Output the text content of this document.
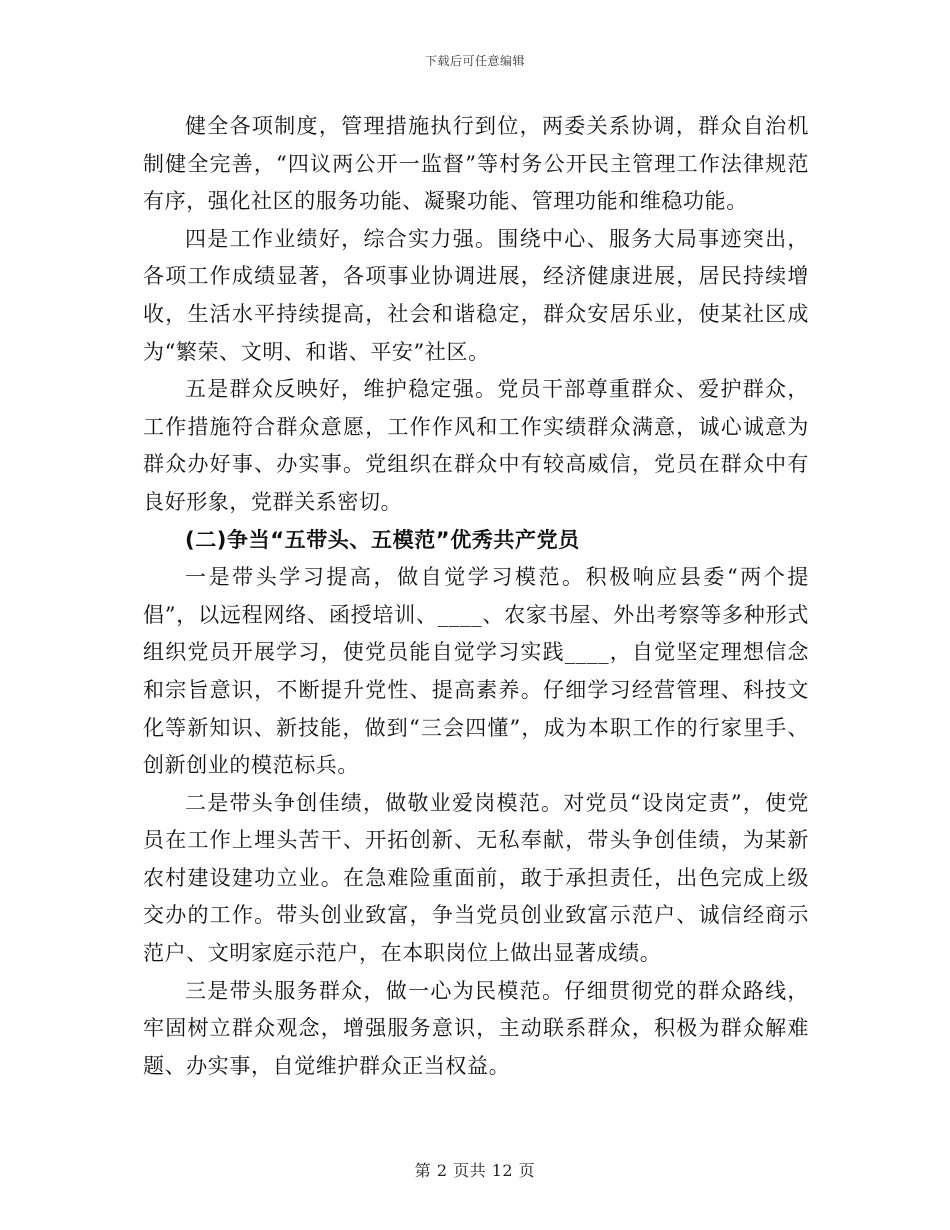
下载后可任意编辑

健全各项制度，管理措施执行到位，两委关系协调，群众自治机制健全完善，“四议两公开一监督”等村务公开民主管理工作法律规范有序，强化社区的服务功能、凝聚功能、管理功能和维稳功能。

四是工作业绩好，综合实力强。围绕中心、服务大局事迹突出，各项工作成绩显著，各项事业协调进展，经济健康进展，居民持续增收，生活水平持续提高，社会和谐稳定，群众安居乐业，使某社区成为“繁荣、文明、和谐、平安”社区。

五是群众反映好，维护稳定强。党员干部尊重群众、爱护群众，工作措施符合群众意愿，工作作风和工作实绩群众满意，诚心诚意为群众办好事、办实事。党组织在群众中有较高威信，党员在群众中有良好形象，党群关系密切。

(二)争当“五带头、五模范”优秀共产党员

一是带头学习提高，做自觉学习模范。积极响应县委“两个提倡”，以远程网络、函授培训、____、农家书屋、外出考察等多种形式组织党员开展学习，使党员能自觉学习实践____，自觉坚定理想信念和宗旨意识，不断提升党性、提高素养。仔细学习经营管理、科技文化等新知识、新技能，做到“三会四懂”，成为本职工作的行家里手、创新创业的模范标兵。

二是带头争创佳绩，做敬业爱岗模范。对党员“设岗定责”，使党员在工作上埋头苦干、开拓创新、无私奉献，带头争创佳绩，为某新农村建设建功立业。在急难险重面前，敢于承担责任，出色完成上级交办的工作。带头创业致富，争当党员创业致富示范户、诚信经商示范户、文明家庭示范户，在本职岗位上做出显著成绩。

三是带头服务群众，做一心为民模范。仔细贯彻党的群众路线，牢固树立群众观念，增强服务意识，主动联系群众，积极为群众解难题、办实事，自觉维护群众正当权益。

第 2 页共 12 页
